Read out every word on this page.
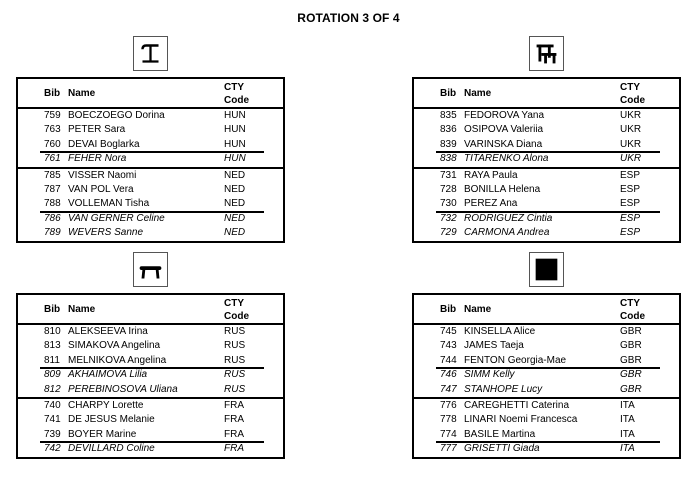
ROTATION 3 OF 4
Bib Name
CTY
Code
759 BOECZOEGO Dorina	HUN
763 PETER Sara	HUN
760 DEVAI Boglarka	HUN
761 FEHER Nora	HUN
785 VISSER Naomi	NED
787 VAN POL Vera	NED
788 VOLLEMAN Tisha	NED
786 VAN GERNER Celine	NED
789 WEVERS Sanne	NED
Bib Name
CTY
Code
835 FEDOROVA Yana	UKR
836 OSIPOVA Valeriia	UKR
839 VARINSKA Diana	UKR
838 TITARENKO Alona	UKR
731 RAYA Paula	ESP
728 BONILLA Helena	ESP
730 PEREZ Ana	ESP
732 RODRIGUEZ Cintia	ESP
729 CARMONA Andrea	ESP
Bib Name
CTY
Code
810 ALEKSEEVA Irina	RUS
813 SIMAKOVA Angelina	RUS
811 MELNIKOVA Angelina	RUS
809 AKHAIMOVA Lilia	RUS
812 PEREBINOSOVA Uliana	RUS
740 CHARPY Lorette	FRA
741 DE JESUS Melanie	FRA
739 BOYER Marine	FRA
742 DEVILLARD Coline	FRA
Bib Name
CTY
Code
745 KINSELLA Alice	GBR
743 JAMES Taeja	GBR
744 FENTON Georgia-Mae	GBR
746 SIMM Kelly	GBR
747 STANHOPE Lucy	GBR
776 CAREGHETTI Caterina	ITA
778 LINARI Noemi Francesca	ITA
774 BASILE Martina	ITA
777 GRISETTI Giada	ITA
